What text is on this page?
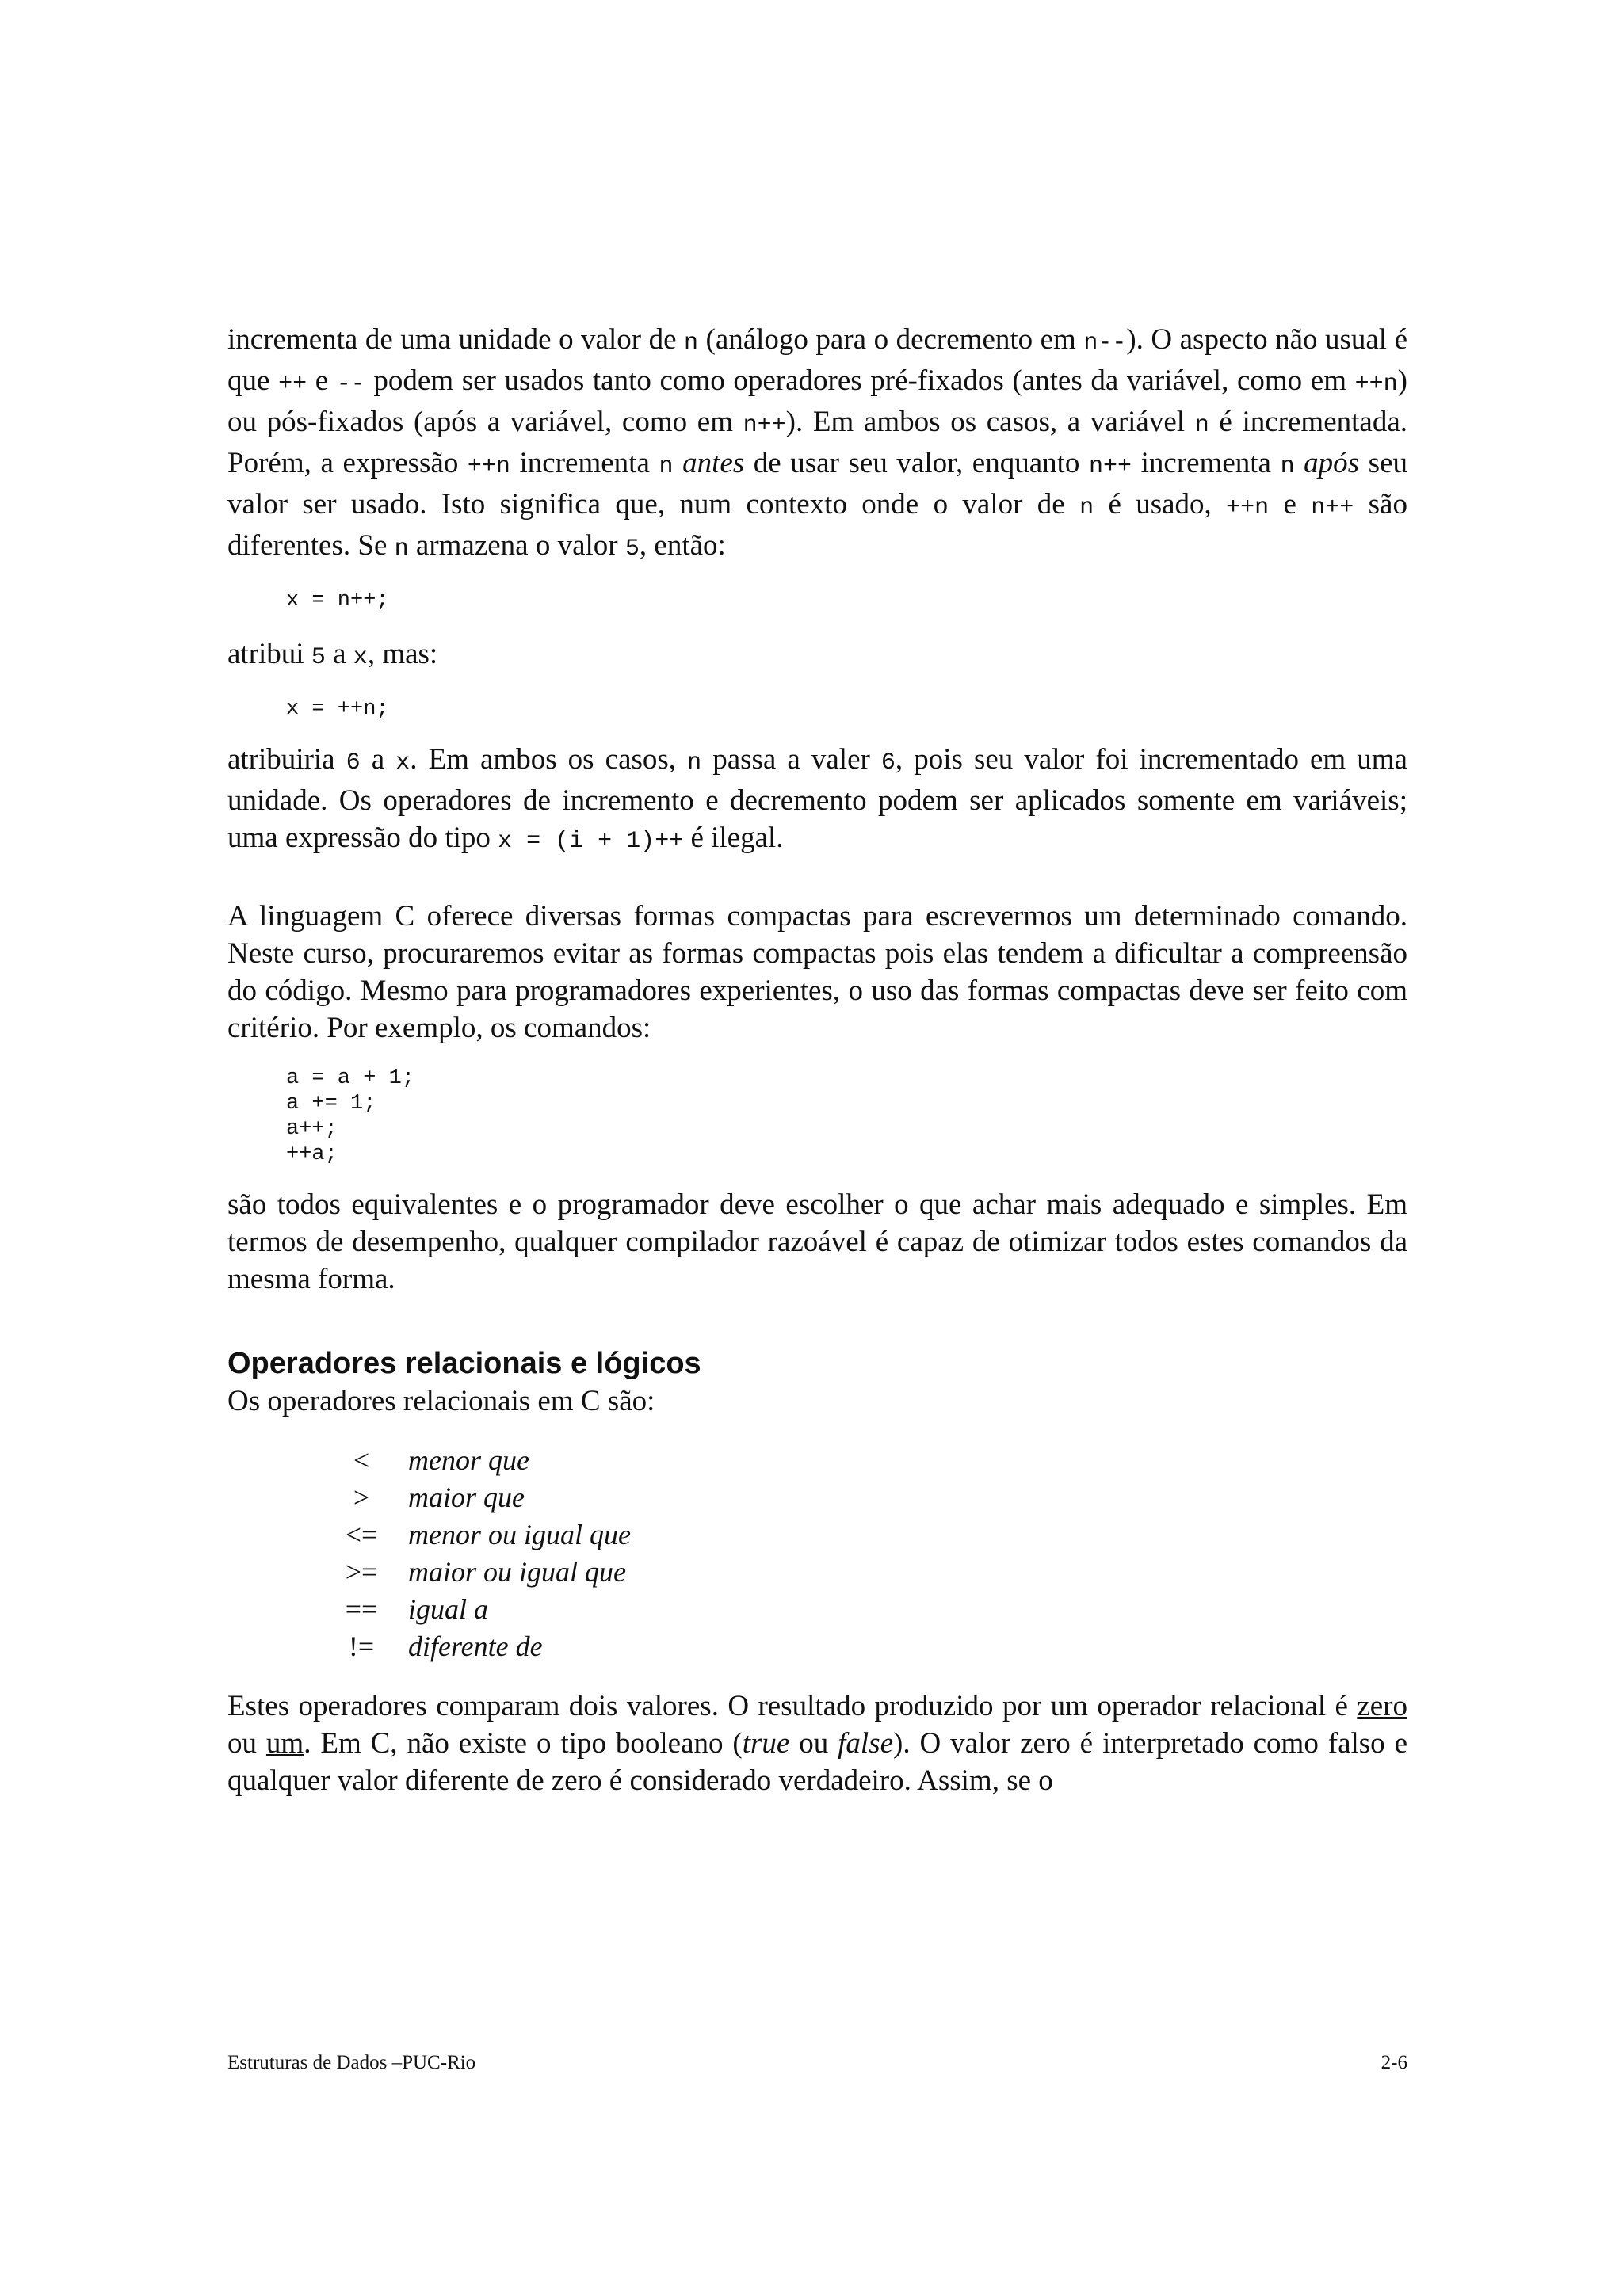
incrementa de uma unidade o valor de n (análogo para o decremento em n--). O aspecto não usual é que ++ e -- podem ser usados tanto como operadores pré-fixados (antes da variável, como em ++n) ou pós-fixados (após a variável, como em n++). Em ambos os casos, a variável n é incrementada. Porém, a expressão ++n incrementa n antes de usar seu valor, enquanto n++ incrementa n após seu valor ser usado. Isto significa que, num contexto onde o valor de n é usado, ++n e n++ são diferentes. Se n armazena o valor 5, então:

x = n++;

atribui 5 a x, mas:

x = ++n;

atribuiria 6 a x. Em ambos os casos, n passa a valer 6, pois seu valor foi incrementado em uma unidade. Os operadores de incremento e decremento podem ser aplicados somente em variáveis; uma expressão do tipo x = (i + 1)++ é ilegal.

A linguagem C oferece diversas formas compactas para escrevermos um determinado comando. Neste curso, procuraremos evitar as formas compactas pois elas tendem a dificultar a compreensão do código. Mesmo para programadores experientes, o uso das formas compactas deve ser feito com critério. Por exemplo, os comandos:

a = a + 1;
a += 1;
a++;
++a;

são todos equivalentes e o programador deve escolher o que achar mais adequado e simples. Em termos de desempenho, qualquer compilador razoável é capaz de otimizar todos estes comandos da mesma forma.

Operadores relacionais e lógicos

Os operadores relacionais em C são:

<	menor que
>	maior que
<=	menor ou igual que
>=	maior ou igual que
==	igual a
!=	diferente de

Estes operadores comparam dois valores. O resultado produzido por um operador relacional é zero ou um. Em C, não existe o tipo booleano (true ou false). O valor zero é interpretado como falso e qualquer valor diferente de zero é considerado verdadeiro. Assim, se o

Estruturas de Dados –PUC-Rio	2-6
